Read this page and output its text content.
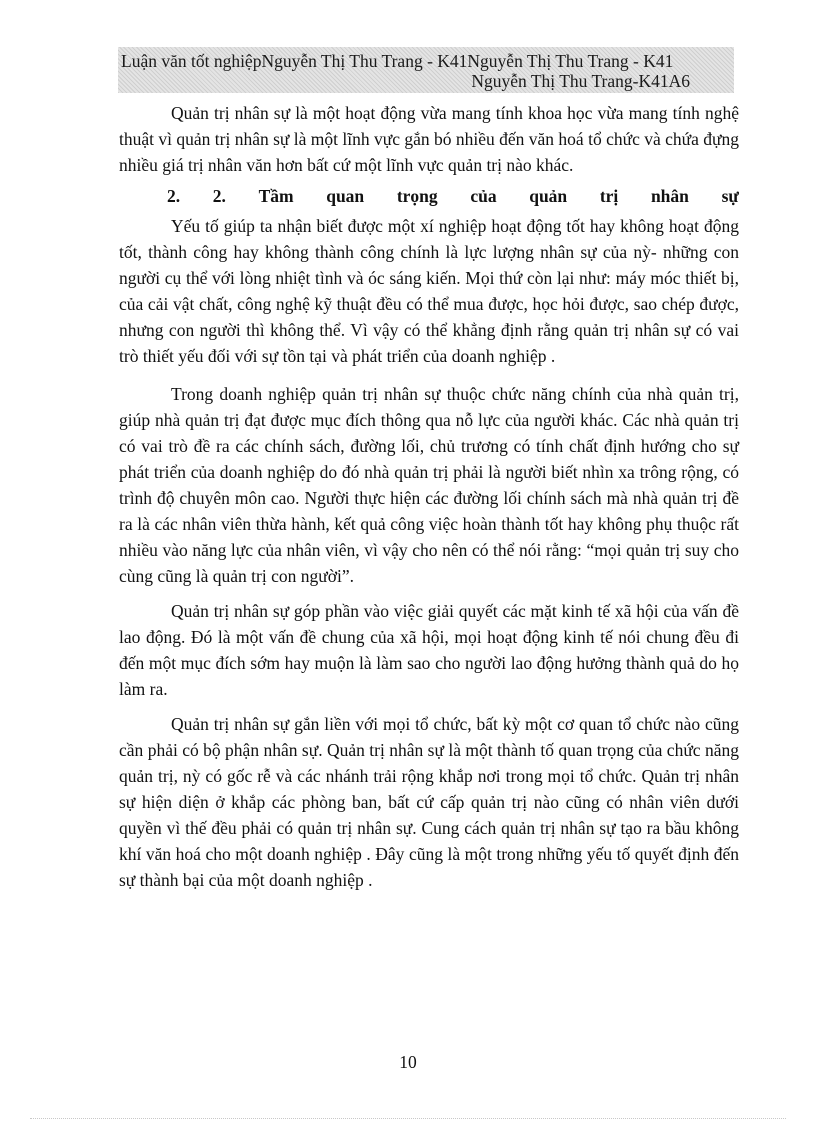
Luận văn tốt nghiệpNguyễn Thị Thu Trang - K41Nguyễn Thị Thu Trang - K41
Nguyễn Thị Thu Trang-K41A6

Quản trị nhân sự là một hoạt động vừa mang tính khoa học vừa mang tính nghệ thuật vì quản trị nhân sự là một lĩnh vực gắn bó nhiều đến văn hoá tổ chức và chứa đựng nhiều giá trị nhân văn hơn bất cứ một lĩnh vực quản trị nào khác.

2. 2. Tầm quan trọng của quản trị nhân sự

Yếu tố giúp ta nhận biết được một xí nghiệp hoạt động tốt hay không hoạt động tốt, thành công hay không thành công chính là lực lượng nhân sự của nỳ- những con người cụ thể với lòng nhiệt tình và óc sáng kiến. Mọi thứ còn lại như: máy móc thiết bị, của cải vật chất, công nghệ kỹ thuật đều có thể mua được, học hỏi được, sao chép được, nhưng con người thì không thể. Vì vậy có thể khẳng định rằng quản trị nhân sự có vai trò thiết yếu đối với sự tồn tại và phát triển của doanh nghiệp .

Trong doanh nghiệp quản trị nhân sự thuộc chức năng chính của nhà quản trị, giúp nhà quản trị đạt được mục đích thông qua nỗ lực của người khác. Các nhà quản trị có vai trò đề ra các chính sách, đường lối, chủ trương có tính chất định hướng cho sự phát triển của doanh nghiệp do đó nhà quản trị phải là người biết nhìn xa trông rộng, có trình độ chuyên môn cao. Người thực hiện các đường lối chính sách mà nhà quản trị đề ra là các nhân viên thừa hành, kết quả công việc hoàn thành tốt hay không phụ thuộc rất nhiều vào năng lực của nhân viên, vì vậy cho nên có thể nói rằng: “mọi quản trị suy cho cùng cũng là quản trị con người”.

Quản trị nhân sự góp phần vào việc giải quyết các mặt kinh tế xã hội của vấn đề lao động. Đó là một vấn đề chung của xã hội, mọi hoạt động kinh tế nói chung đều đi đến một mục đích sớm hay muộn là làm sao cho người lao động hưởng thành quả do họ làm ra.

Quản trị nhân sự gắn liền với mọi tổ chức, bất kỳ một cơ quan tổ chức nào cũng cần phải có bộ phận nhân sự. Quản trị nhân sự là một thành tố quan trọng của chức năng quản trị, nỳ có gốc rễ và các nhánh trải rộng khắp nơi trong mọi tổ chức. Quản trị nhân sự hiện diện ở khắp các phòng ban, bất cứ cấp quản trị nào cũng có nhân viên dưới quyền vì thế đều phải có quản trị nhân sự. Cung cách quản trị nhân sự tạo ra bầu không khí văn hoá cho một doanh nghiệp . Đây cũng là một trong những yếu tố quyết định đến sự thành bại của một doanh nghiệp .

10
